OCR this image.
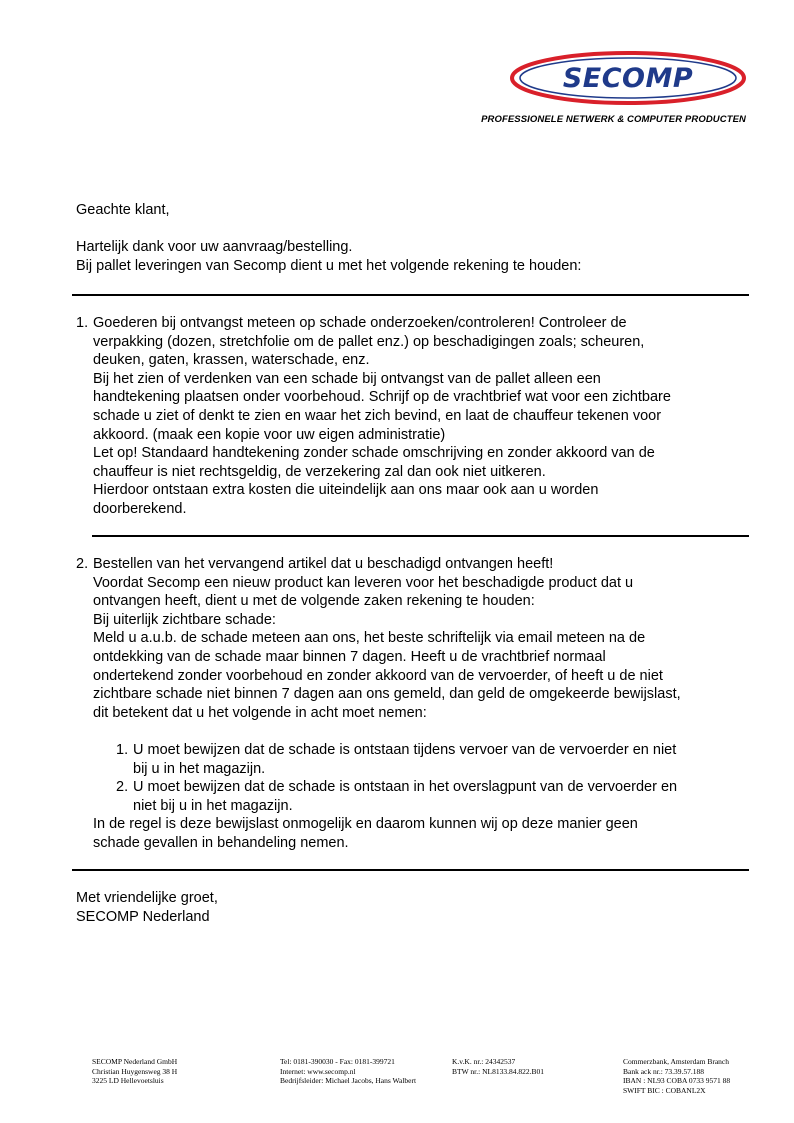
SECOMP
PROFESSIONELE NETWERK & COMPUTER PRODUCTEN
Geachte klant,
Hartelijk dank voor uw aanvraag/bestelling.
Bij pallet leveringen van Secomp dient u met het volgende rekening te houden:
1. Goederen bij ontvangst meteen op schade onderzoeken/controleren! Controleer de
verpakking (dozen, stretchfolie om de pallet enz.) op beschadigingen zoals; scheuren,
deuken, gaten, krassen, waterschade, enz.
Bij het zien of verdenken van een schade bij ontvangst van de pallet alleen een
handtekening plaatsen onder voorbehoud. Schrijf op de vrachtbrief wat voor een zichtbare
schade u ziet of denkt te zien en waar het zich bevind, en laat de chauffeur tekenen voor
akkoord. (maak een kopie voor uw eigen administratie)
Let op! Standaard handtekening zonder schade omschrijving en zonder akkoord van de
chauffeur is niet rechtsgeldig, de verzekering zal dan ook niet uitkeren.
Hierdoor ontstaan extra kosten die uiteindelijk aan ons maar ook aan u worden
doorberekend.
2. Bestellen van het vervangend artikel dat u beschadigd ontvangen heeft!
Voordat Secomp een nieuw product kan leveren voor het beschadigde product dat u
ontvangen heeft, dient u met de volgende zaken rekening te houden:
Bij uiterlijk zichtbare schade:
Meld u a.u.b. de schade meteen aan ons, het beste schriftelijk via email meteen na de
ontdekking van de schade maar binnen 7 dagen. Heeft u de vrachtbrief normaal
ondertekend zonder voorbehoud en zonder akkoord van de vervoerder, of heeft u de niet
zichtbare schade niet binnen 7 dagen aan ons gemeld, dan geld de omgekeerde bewijslast,
dit betekent dat u het volgende in acht moet nemen:
1. U moet bewijzen dat de schade is ontstaan tijdens vervoer van de vervoerder en niet
bij u in het magazijn.
2. U moet bewijzen dat de schade is ontstaan in het overslagpunt van de vervoerder en
niet bij u in het magazijn.
In de regel is deze bewijslast onmogelijk en daarom kunnen wij op deze manier geen
schade gevallen in behandeling nemen.
Met vriendelijke groet,
SECOMP Nederland
SECOMP Nederland GmbH
Christian Huygensweg 38 H
3225 LD Hellevoetsluis
Tel: 0181-390030 - Fax: 0181-399721
Internet: www.secomp.nl
Bedrijfsleider: Michael Jacobs, Hans Walbert
K.v.K. nr.: 24342537
BTW nr.: NL8133.84.822.B01
Commerzbank, Amsterdam Branch
Bank ack nr.: 73.39.57.188
IBAN : NL93 COBA 0733 9571 88
SWIFT BIC : COBANL2X
